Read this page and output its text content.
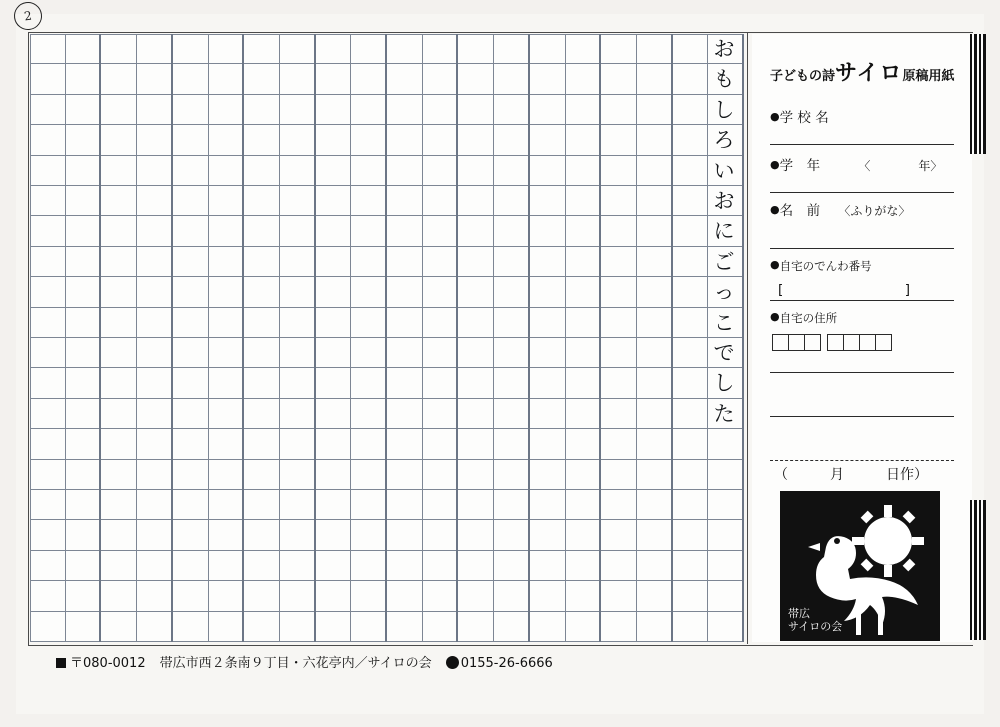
2
お
も
し
ろ
い
お
に
ご
っ
こ
で
し
た
子どもの詩サイロ原稿用紙
●学 校 名
●学　年	〈　　　　年〉
●名　前 〈ふりがな〉
●自宅のでんわ番号
[　　　　　　　　　]
●自宅の住所
（　　　月　　　日作）
帯広
サイロの会
〒080-0012 帯広市西２条南９丁目・六花亭内／サイロの会 0155-26-6666
